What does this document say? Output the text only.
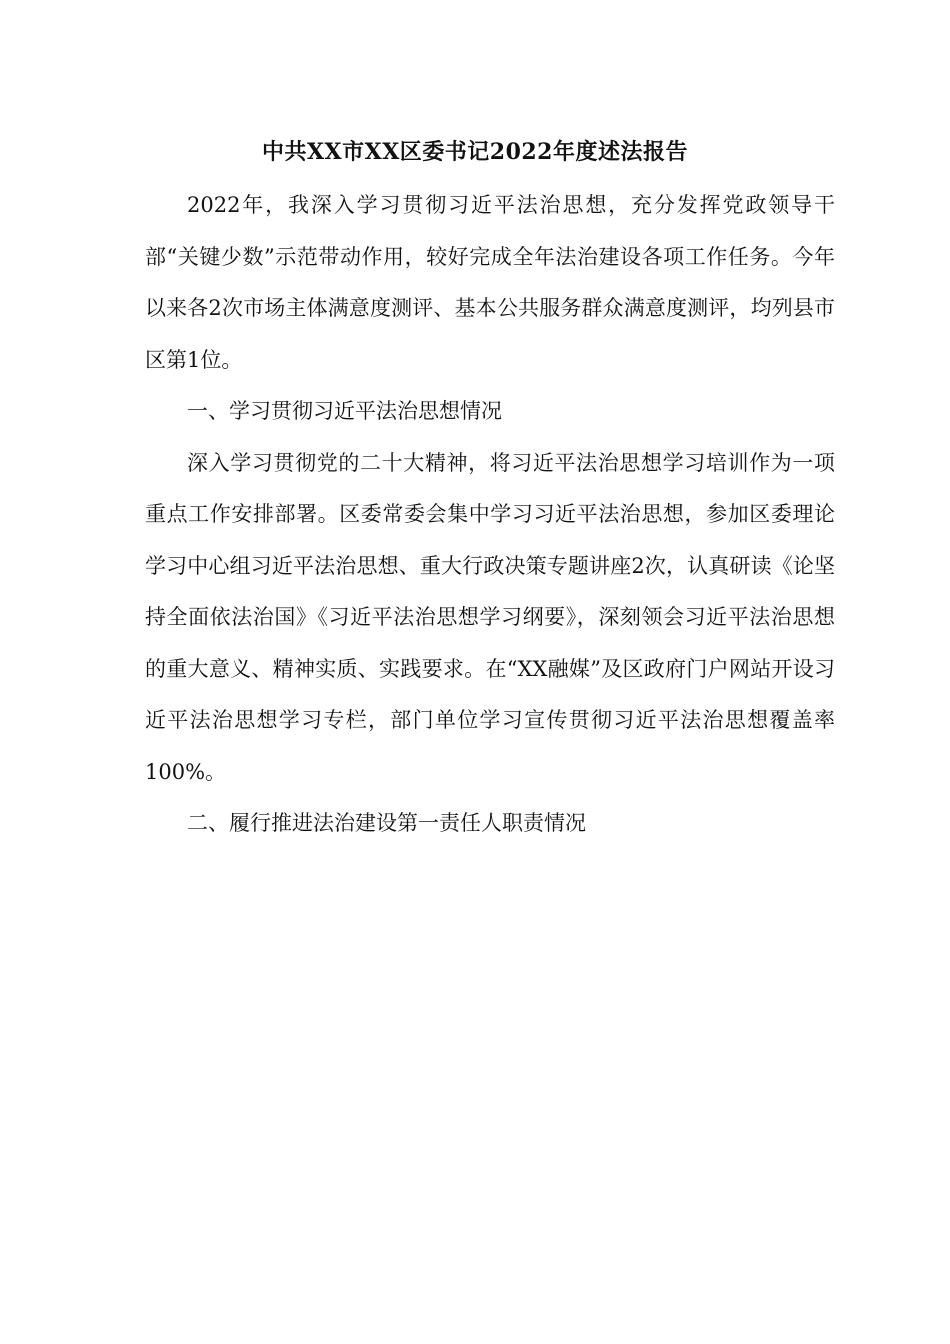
中共XX市XX区委书记2022年度述法报告

2022年，我深入学习贯彻习近平法治思想，充分发挥党政领导干部“关键少数”示范带动作用，较好完成全年法治建设各项工作任务。今年以来各2次市场主体满意度测评、基本公共服务群众满意度测评，均列县市区第1位。

一、学习贯彻习近平法治思想情况

深入学习贯彻党的二十大精神，将习近平法治思想学习培训作为一项重点工作安排部署。区委常委会集中学习习近平法治思想，参加区委理论学习中心组习近平法治思想、重大行政决策专题讲座2次，认真研读《论坚持全面依法治国》《习近平法治思想学习纲要》，深刻领会习近平法治思想的重大意义、精神实质、实践要求。在“XX融媒”及区政府门户网站开设习近平法治思想学习专栏，部门单位学习宣传贯彻习近平法治思想覆盖率100%。

二、履行推进法治建设第一责任人职责情况
